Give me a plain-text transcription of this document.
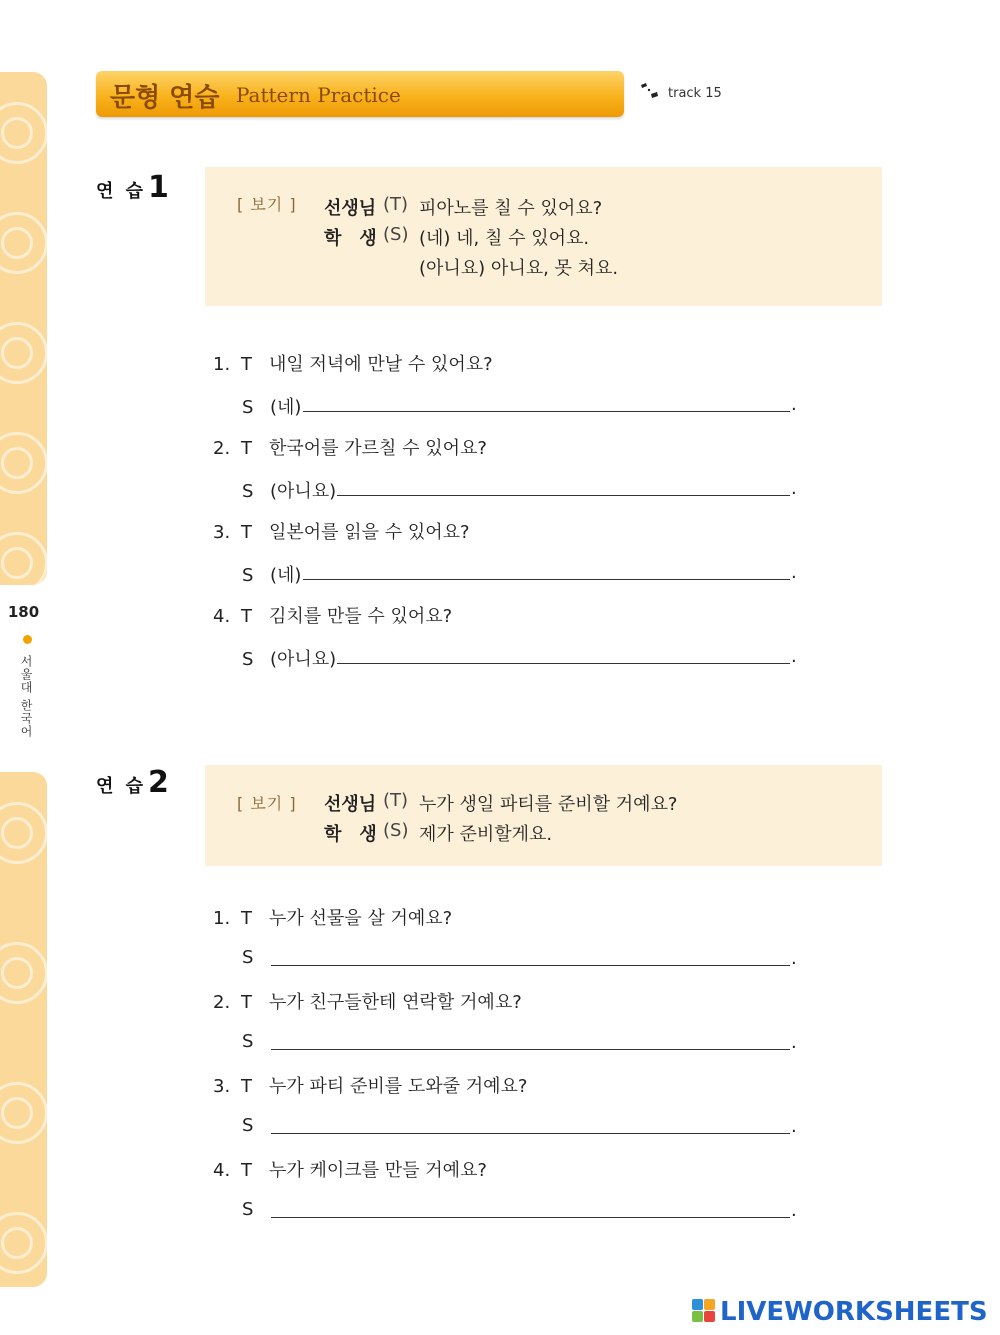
180
서울대 한국어
문형 연습 Pattern Practice	track 15
연 습1	[ 보기 ] 선생님 (T) 피아노를 칠 수 있어요?
학　생 (S) (네) 네, 칠 수 있어요.
(아니요) 아니요, 못 쳐요.
1. T 내일 저녁에 만날 수 있어요?
S (네)	.
2. T 한국어를 가르칠 수 있어요?
S (아니요)	.
3. T 일본어를 읽을 수 있어요?
S (네)	.
4. T 김치를 만들 수 있어요?
S (아니요)	.
연 습2
[ 보기 ] 선생님 (T) 누가 생일 파티를 준비할 거예요?
학　생 (S) 제가 준비할게요.
1. T 누가 선물을 살 거예요?
S	.
2. T 누가 친구들한테 연락할 거예요?
S	.
3. T 누가 파티 준비를 도와줄 거예요?
S	.
4. T 누가 케이크를 만들 거예요?
S	.
LIVEWORKSHEETS
